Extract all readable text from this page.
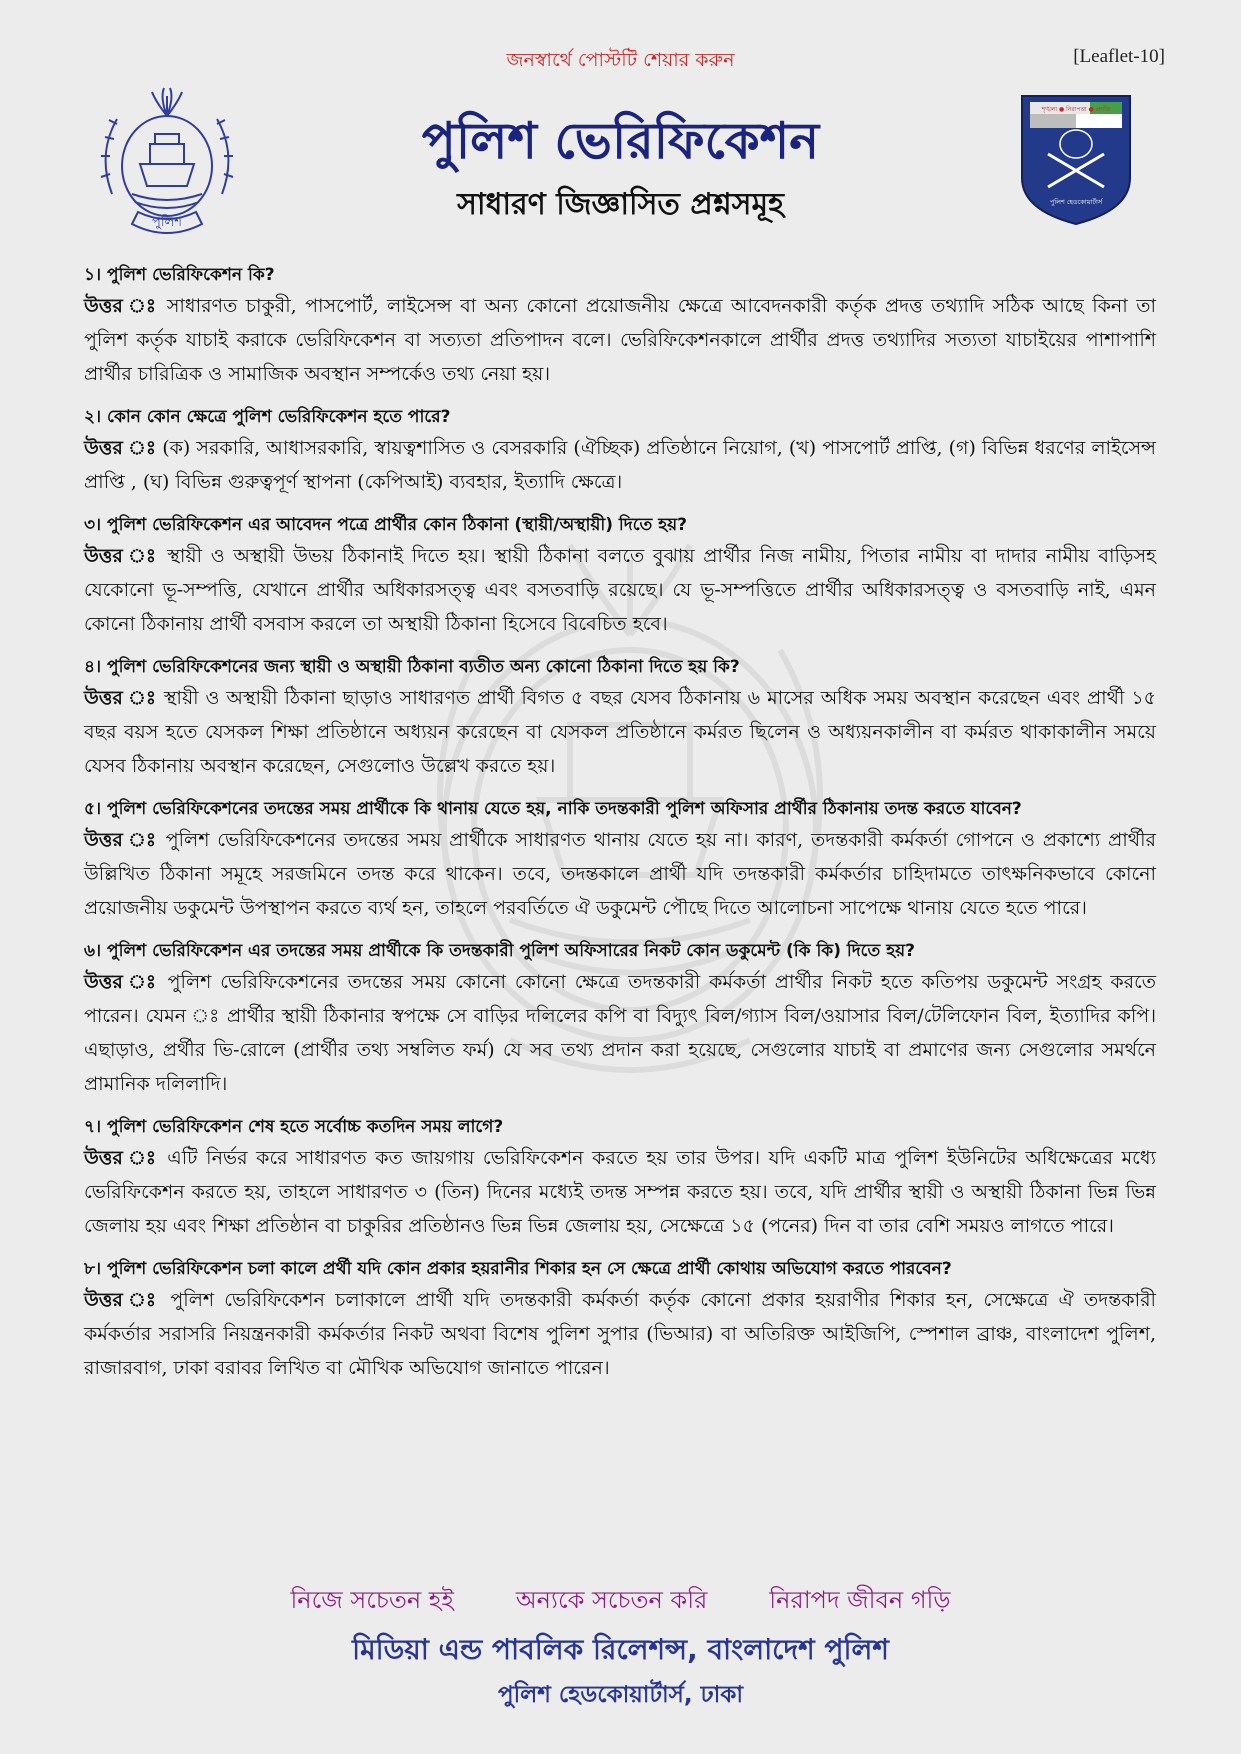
জনস্বার্থে পোস্টটি শেয়ার করুন	[Leaflet-10]
পুলিশ
শৃঙ্খলা ● নিরাপত্তা ● প্রগতি
পুলিশ হেডকোয়ার্টার্স
পুলিশ ভেরিফিকেশন
সাধারণ জিজ্ঞাসিত প্রশ্নসমূহ

১। পুলিশ ভেরিফিকেশন কি?

উত্তর ঃ সাধারণত চাকুরী, পাসপোর্ট, লাইসেন্স বা অন্য কোনো প্রয়োজনীয় ক্ষেত্রে আবেদনকারী কর্তৃক প্রদত্ত তথ্যাদি সঠিক আছে কিনা তা পুলিশ কর্তৃক যাচাই করাকে ভেরিফিকেশন বা সত্যতা প্রতিপাদন বলে। ভেরিফিকেশনকালে প্রার্থীর প্রদত্ত তথ্যাদির সত্যতা যাচাইয়ের পাশাপাশি প্রার্থীর চারিত্রিক ও সামাজিক অবস্থান সম্পর্কেও তথ্য নেয়া হয়।

২। কোন কোন ক্ষেত্রে পুলিশ ভেরিফিকেশন হতে পারে?

উত্তর ঃ (ক) সরকারি, আধাসরকারি, স্বায়ত্বশাসিত ও বেসরকারি (ঐচ্ছিক) প্রতিষ্ঠানে নিয়োগ, (খ) পাসপোর্ট প্রাপ্তি, (গ) বিভিন্ন ধরণের লাইসেন্স প্রাপ্তি , (ঘ) বিভিন্ন গুরুত্বপূর্ণ স্থাপনা (কেপিআই) ব্যবহার, ইত্যাদি ক্ষেত্রে।

৩। পুলিশ ভেরিফিকেশন এর আবেদন পত্রে প্রার্থীর কোন ঠিকানা (স্থায়ী/অস্থায়ী) দিতে হয়?

উত্তর ঃ স্থায়ী ও অস্থায়ী উভয় ঠিকানাই দিতে হয়। স্থায়ী ঠিকানা বলতে বুঝায় প্রার্থীর নিজ নামীয়, পিতার নামীয় বা দাদার নামীয় বাড়িসহ যেকোনো ভূ-সম্পত্তি, যেখানে প্রার্থীর অধিকারসত্ত্ব এবং বসতবাড়ি রয়েছে। যে ভূ-সম্পত্তিতে প্রার্থীর অধিকারসত্ত্ব ও বসতবাড়ি নাই, এমন কোনো ঠিকানায় প্রার্থী বসবাস করলে তা অস্থায়ী ঠিকানা হিসেবে বিবেচিত হবে।

৪। পুলিশ ভেরিফিকেশনের জন্য স্থায়ী ও অস্থায়ী ঠিকানা ব্যতীত অন্য কোনো ঠিকানা দিতে হয় কি?

উত্তর ঃ স্থায়ী ও অস্থায়ী ঠিকানা ছাড়াও সাধারণত প্রার্থী বিগত ৫ বছর যেসব ঠিকানায় ৬ মাসের অধিক সময় অবস্থান করেছেন এবং প্রার্থী ১৫ বছর বয়স হতে যেসকল শিক্ষা প্রতিষ্ঠানে অধ্যয়ন করেছেন বা যেসকল প্রতিষ্ঠানে কর্মরত ছিলেন ও অধ্যয়নকালীন বা কর্মরত থাকাকালীন সময়ে যেসব ঠিকানায় অবস্থান করেছেন, সেগুলোও উল্লেখ করতে হয়।

৫। পুলিশ ভেরিফিকেশনের তদন্তের সময় প্রার্থীকে কি থানায় যেতে হয়, নাকি তদন্তকারী পুলিশ অফিসার প্রার্থীর ঠিকানায় তদন্ত করতে যাবেন?

উত্তর ঃ পুলিশ ভেরিফিকেশনের তদন্তের সময় প্রার্থীকে সাধারণত থানায় যেতে হয় না। কারণ, তদন্তকারী কর্মকর্তা গোপনে ও প্রকাশ্যে প্রার্থীর উল্লিখিত ঠিকানা সমূহে সরজমিনে তদন্ত করে থাকেন। তবে, তদন্তকালে প্রার্থী যদি তদন্তকারী কর্মকর্তার চাহিদামতে তাৎক্ষনিকভাবে কোনো প্রয়োজনীয় ডকুমেন্ট উপস্থাপন করতে ব্যর্থ হন, তাহলে পরবর্তিতে ঐ ডকুমেন্ট পৌছে দিতে আলোচনা সাপেক্ষে থানায় যেতে হতে পারে।

৬। পুলিশ ভেরিফিকেশন এর তদন্তের সময় প্রার্থীকে কি তদন্তকারী পুলিশ অফিসারের নিকট কোন ডকুমেন্ট (কি কি) দিতে হয়?

উত্তর ঃ পুলিশ ভেরিফিকেশনের তদন্তের সময় কোনো কোনো ক্ষেত্রে তদন্তকারী কর্মকর্তা প্রার্থীর নিকট হতে কতিপয় ডকুমেন্ট সংগ্রহ করতে পারেন। যেমন ঃ প্রার্থীর স্থায়ী ঠিকানার স্বপক্ষে সে বাড়ির দলিলের কপি বা বিদ্যুৎ বিল/গ্যাস বিল/ওয়াসার বিল/টেলিফোন বিল, ইত্যাদির কপি। এছাড়াও, প্রর্থীর ভি-রোলে (প্রার্থীর তথ্য সম্বলিত ফর্ম) যে সব তথ্য প্রদান করা হয়েছে, সেগুলোর যাচাই বা প্রমাণের জন্য সেগুলোর সমর্থনে প্রামানিক দলিলাদি।

৭। পুলিশ ভেরিফিকেশন শেষ হতে সর্বোচ্চ কতদিন সময় লাগে?

উত্তর ঃ এটি নির্ভর করে সাধারণত কত জায়গায় ভেরিফিকেশন করতে হয় তার উপর। যদি একটি মাত্র পুলিশ ইউনিটের অধিক্ষেত্রের মধ্যে ভেরিফিকেশন করতে হয়, তাহলে সাধারণত ৩ (তিন) দিনের মধ্যেই তদন্ত সম্পন্ন করতে হয়। তবে, যদি প্রার্থীর স্থায়ী ও অস্থায়ী ঠিকানা ভিন্ন ভিন্ন জেলায় হয় এবং শিক্ষা প্রতিষ্ঠান বা চাকুরির প্রতিষ্ঠানও ভিন্ন ভিন্ন জেলায় হয়, সেক্ষেত্রে ১৫ (পনের) দিন বা তার বেশি সময়ও লাগতে পারে।

৮। পুলিশ ভেরিফিকেশন চলা কালে প্রর্থী যদি কোন প্রকার হয়রানীর শিকার হন সে ক্ষেত্রে প্রার্থী কোথায় অভিযোগ করতে পারবেন?

উত্তর ঃ পুলিশ ভেরিফিকেশন চলাকালে প্রার্থী যদি তদন্তকারী কর্মকর্তা কর্তৃক কোনো প্রকার হয়রাণীর শিকার হন, সেক্ষেত্রে ঐ তদন্তকারী কর্মকর্তার সরাসরি নিয়ন্ত্রনকারী কর্মকর্তার নিকট অথবা বিশেষ পুলিশ সুপার (ভিআর) বা অতিরিক্ত আইজিপি, স্পেশাল ব্রাঞ্চ, বাংলাদেশ পুলিশ, রাজারবাগ, ঢাকা বরাবর লিখিত বা মৌখিক অভিযোগ জানাতে পারেন।

নিজে সচেতন হই	অন্যকে সচেতন করি	নিরাপদ জীবন গড়ি
মিডিয়া এন্ড পাবলিক রিলেশন্স, বাংলাদেশ পুলিশ
পুলিশ হেডকোয়ার্টার্স, ঢাকা
